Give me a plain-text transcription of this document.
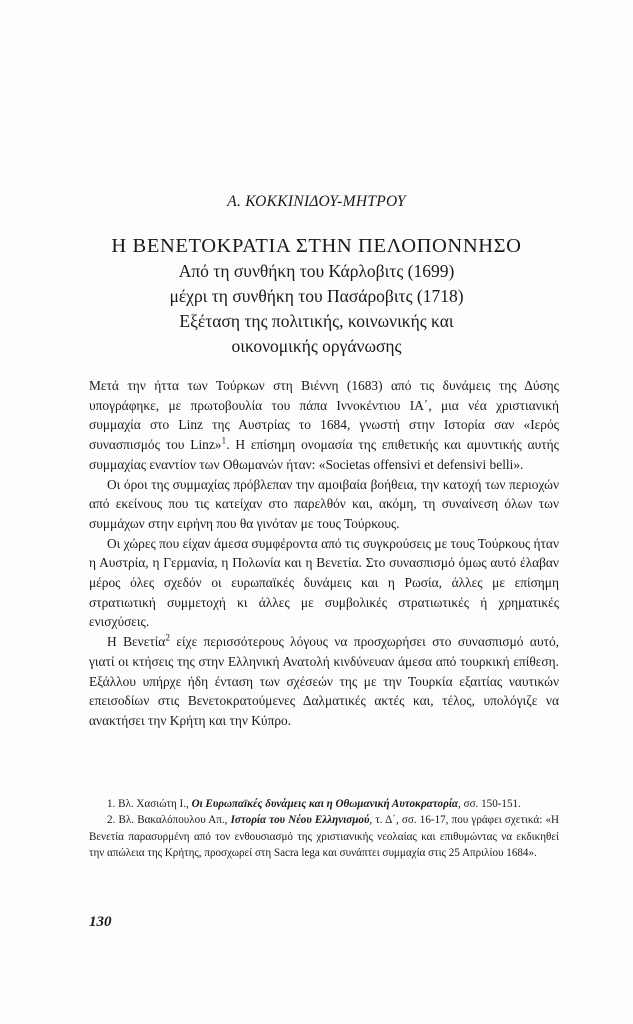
Α. ΚΟΚΚΙΝΙΔΟΥ-ΜΗΤΡΟΥ
Η ΒΕΝΕΤΟΚΡΑΤΙΑ ΣΤΗΝ ΠΕΛΟΠΟΝΝΗΣΟ
Από τη συνθήκη του Κάρλοβιτς (1699)
μέχρι τη συνθήκη του Πασάροβιτς (1718)
Εξέταση της πολιτικής, κοινωνικής και
οικονομικής οργάνωσης

Μετά την ήττα των Τούρκων στη Βιέννη (1683) από τις δυνάμεις της Δύσης υπογράφηκε, με πρωτοβουλία του πάπα Ιννοκέντιου ΙΑ΄, μια νέα χριστιανική συμμαχία στο Linz της Αυστρίας το 1684, γνωστή στην Ιστορία σαν «Ιερός συνασπισμός του Linz»$^1$. Η επίσημη ονομασία της επιθετικής και αμυντικής αυτής συμμαχίας εναντίον των Οθωμανών ήταν: «Societas offensivi et defensivi belli».

Οι όροι της συμμαχίας πρόβλεπαν την αμοιβαία βοήθεια, την κατοχή των περιοχών από εκείνους που τις κατείχαν στο παρελθόν και, ακόμη, τη συναίνεση όλων των συμμάχων στην ειρήνη που θα γινόταν με τους Τούρκους.

Οι χώρες που είχαν άμεσα συμφέροντα από τις συγκρούσεις με τους Τούρκους ήταν η Αυστρία, η Γερμανία, η Πολωνία και η Βενετία. Στο συνασπισμό όμως αυτό έλαβαν μέρος όλες σχεδόν οι ευρωπαϊκές δυνάμεις και η Ρωσία, άλλες με επίσημη στρατιωτική συμμετοχή κι άλλες με συμβολικές στρατιωτικές ή χρηματικές ενισχύσεις.

Η Βενετία$^2$ είχε περισσότερους λόγους να προσχωρήσει στο συνασπισμό αυτό, γιατί οι κτήσεις της στην Ελληνική Ανατολή κινδύνευαν άμεσα από τουρκική επίθεση. Εξάλλου υπήρχε ήδη ένταση των σχέσεών της με την Τουρκία εξαιτίας ναυτικών επεισοδίων στις Βενετοκρατούμενες Δαλματικές ακτές και, τέλος, υπολόγιζε να ανακτήσει την Κρήτη και την Κύπρο.

1. Βλ. Χασιώτη Ι., Οι Ευρωπαϊκές δυνάμεις και η Οθωμανική Αυτοκρατορία, σσ. 150-151.

2. Βλ. Βακαλόπουλου Απ., Ιστορία του Νέου Ελληνισμού, τ. Δ΄, σσ. 16-17, που γράφει σχετικά: «Η Βενετία παρασυρμένη από τον ενθουσιασμό της χριστιανικής νεολαίας και επιθυμώντας να εκδικηθεί την απώλεια της Κρήτης, προσχωρεί στη Sacra lega και συνάπτει συμμαχία στις 25 Απριλίου 1684».

130
